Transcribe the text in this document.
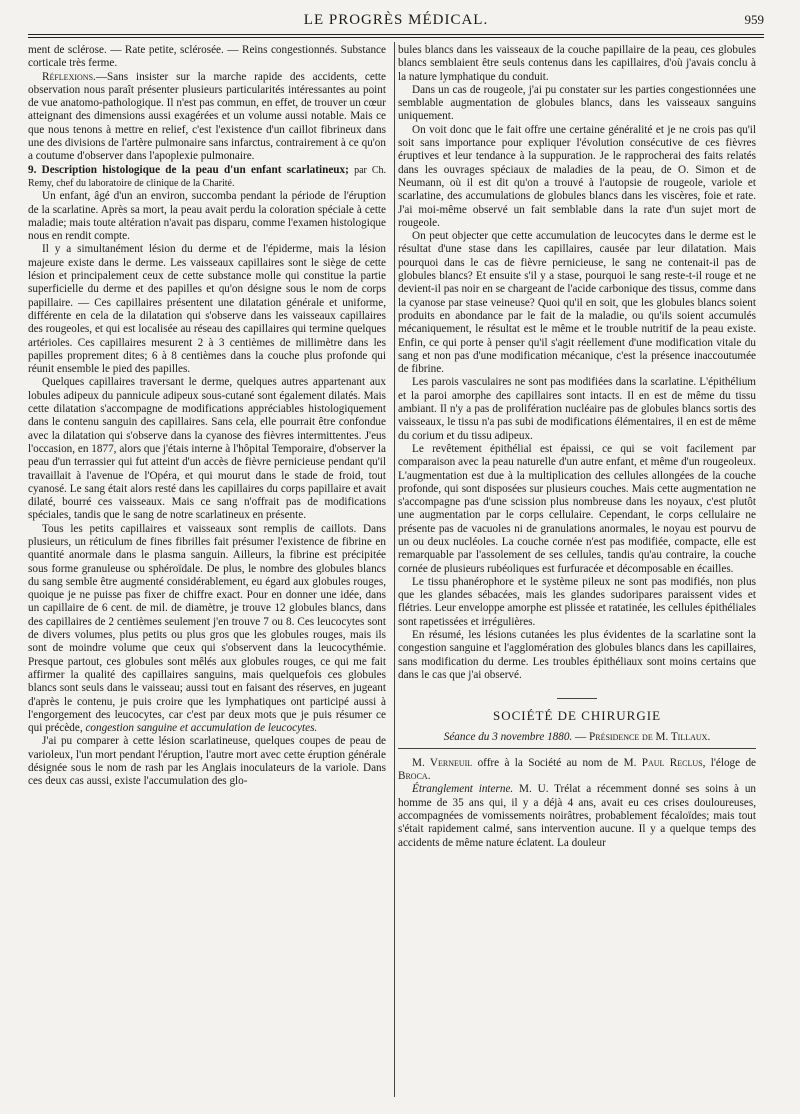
LE PROGRÈS MÉDICAL.	959

ment de sclérose. — Rate petite, sclérosée. — Reins congestionnés. Substance corticale très ferme.

Réflexions.—Sans insister sur la marche rapide des accidents, cette observation nous paraît présenter plusieurs particularités intéressantes au point de vue anatomo-pathologique. Il n'est pas commun, en effet, de trouver un cœur atteignant des dimensions aussi exagérées et un volume aussi notable. Mais ce que nous tenons à mettre en relief, c'est l'existence d'un caillot fibrineux dans une des divisions de l'artère pulmonaire sans infarctus, contrairement à ce qu'on a coutume d'observer dans l'apoplexie pulmonaire.

9. Description histologique de la peau d'un enfant scarlatineux; par Ch. Remy, chef du laboratoire de clinique de la Charité.

Un enfant, âgé d'un an environ, succomba pendant la période de l'éruption de la scarlatine. Après sa mort, la peau avait perdu la coloration spéciale à cette maladie; mais toute altération n'avait pas disparu, comme l'examen histologique nous en rendit compte.

Il y a simultanément lésion du derme et de l'épiderme, mais la lésion majeure existe dans le derme. Les vaisseaux capillaires sont le siège de cette lésion et principalement ceux de cette substance molle qui constitue la partie superficielle du derme et des papilles et qu'on désigne sous le nom de corps papillaire. — Ces capillaires présentent une dilatation générale et uniforme, différente en cela de la dilatation qui s'observe dans les vaisseaux capillaires des rougeoles, et qui est localisée au réseau des capillaires qui termine quelques artérioles. Ces capillaires mesurent 2 à 3 centièmes de millimètre dans les papilles proprement dites; 6 à 8 centièmes dans la couche plus profonde qui réunit ensemble le pied des papilles.

Quelques capillaires traversant le derme, quelques autres appartenant aux lobules adipeux du pannicule adipeux sous-cutané sont également dilatés. Mais cette dilatation s'accompagne de modifications appréciables histologiquement dans le contenu sanguin des capillaires. Sans cela, elle pourrait être confondue avec la dilatation qui s'observe dans la cyanose des fièvres intermittentes. J'eus l'occasion, en 1877, alors que j'étais interne à l'hôpital Temporaire, d'observer la peau d'un terrassier qui fut atteint d'un accès de fièvre pernicieuse pendant qu'il travaillait à l'avenue de l'Opéra, et qui mourut dans le stade de froid, tout cyanosé. Le sang était alors resté dans les capillaires du corps papillaire et avait dilaté, bourré ces vaisseaux. Mais ce sang n'offrait pas de modifications spéciales, tandis que le sang de notre scarlatineux en présente.

Tous les petits capillaires et vaisseaux sont remplis de caillots. Dans plusieurs, un réticulum de fines fibrilles fait présumer l'existence de fibrine en quantité anormale dans le plasma sanguin. Ailleurs, la fibrine est précipitée sous forme granuleuse ou sphéroïdale. De plus, le nombre des globules blancs du sang semble être augmenté considérablement, eu égard aux globules rouges, quoique je ne puisse pas fixer de chiffre exact. Pour en donner une idée, dans un capillaire de 6 cent. de mil. de diamètre, je trouve 12 globules blancs, dans des capillaires de 2 centièmes seulement j'en trouve 7 ou 8. Ces leucocytes sont de divers volumes, plus petits ou plus gros que les globules rouges, mais ils sont de moindre volume que ceux qui s'observent dans la leucocythémie. Presque partout, ces globules sont mêlés aux globules rouges, ce qui me fait affirmer la qualité des capillaires sanguins, mais quelquefois ces globules blancs sont seuls dans le vaisseau; aussi tout en faisant des réserves, en jugeant d'après le contenu, je puis croire que les lymphatiques ont participé aussi à l'engorgement des leucocytes, car c'est par deux mots que je puis résumer ce qui précède, congestion sanguine et accumulation de leucocytes.

J'ai pu comparer à cette lésion scarlatineuse, quelques coupes de peau de varioleux, l'un mort pendant l'éruption, l'autre mort avec cette éruption générale désignée sous le nom de rash par les Anglais inoculateurs de la variole. Dans ces deux cas aussi, existe l'accumulation des glo-

bules blancs dans les vaisseaux de la couche papillaire de la peau, ces globules blancs semblaient être seuls contenus dans les capillaires, d'où j'avais conclu à la nature lymphatique du conduit.

Dans un cas de rougeole, j'ai pu constater sur les parties congestionnées une semblable augmentation de globules blancs, dans les vaisseaux sanguins uniquement.

On voit donc que le fait offre une certaine généralité et je ne crois pas qu'il soit sans importance pour expliquer l'évolution consécutive de ces fièvres éruptives et leur tendance à la suppuration. Je le rapprocherai des faits relatés dans les ouvrages spéciaux de maladies de la peau, de O. Simon et de Neumann, où il est dit qu'on a trouvé à l'autopsie de rougeole, variole et scarlatine, des accumulations de globules blancs dans les viscères, foie et rate. J'ai moi-même observé un fait semblable dans la rate d'un sujet mort de rougeole.

On peut objecter que cette accumulation de leucocytes dans le derme est le résultat d'une stase dans les capillaires, causée par leur dilatation. Mais pourquoi dans le cas de fièvre pernicieuse, le sang ne contenait-il pas de globules blancs? Et ensuite s'il y a stase, pourquoi le sang reste-t-il rouge et ne devient-il pas noir en se chargeant de l'acide carbonique des tissus, comme dans la cyanose par stase veineuse? Quoi qu'il en soit, que les globules blancs soient produits en abondance par le fait de la maladie, ou qu'ils soient accumulés mécaniquement, le résultat est le même et le trouble nutritif de la peau existe. Enfin, ce qui porte à penser qu'il s'agit réellement d'une modification vitale du sang et non pas d'une modification mécanique, c'est la présence inaccoutumée de fibrine.

Les parois vasculaires ne sont pas modifiées dans la scarlatine. L'épithélium et la paroi amorphe des capillaires sont intacts. Il en est de même du tissu ambiant. Il n'y a pas de prolifération nucléaire pas de globules blancs sortis des vaisseaux, le tissu n'a pas subi de modifications élémentaires, il en est de même du corium et du tissu adipeux.

Le revêtement épithélial est épaissi, ce qui se voit facilement par comparaison avec la peau naturelle d'un autre enfant, et même d'un rougeoleux. L'augmentation est due à la multiplication des cellules allongées de la couche profonde, qui sont disposées sur plusieurs couches. Mais cette augmentation ne s'accompagne pas d'une scission plus nombreuse dans les noyaux, c'est plutôt une augmentation par le corps cellulaire. Cependant, le corps cellulaire ne présente pas de vacuoles ni de granulations anormales, le noyau est pourvu de un ou deux nucléoles. La couche cornée n'est pas modifiée, compacte, elle est remarquable par l'assolement de ses cellules, tandis qu'au contraire, la couche cornée de plusieurs rubéoliques est furfuracée et décomposable en écailles.

Le tissu phanérophore et le système pileux ne sont pas modifiés, non plus que les glandes sébacées, mais les glandes sudoripares paraissent vides et flétries. Leur enveloppe amorphe est plissée et ratatinée, les cellules épithéliales sont rapetissées et irrégulières.

En résumé, les lésions cutanées les plus évidentes de la scarlatine sont la congestion sanguine et l'agglomération des globules blancs dans les capillaires, sans modification du derme. Les troubles épithéliaux sont moins certains que dans le cas que j'ai observé.

SOCIÉTÉ DE CHIRURGIE
Séance du 3 novembre 1880. — Présidence de M. Tillaux.

M. Verneuil offre à la Société au nom de M. Paul Reclus, l'éloge de Broca.

Étranglement interne. M. U. Trélat a récemment donné ses soins à un homme de 35 ans qui, il y a déjà 4 ans, avait eu ces crises douloureuses, accompagnées de vomissements noirâtres, probablement fécaloïdes; mais tout s'était rapidement calmé, sans intervention aucune. Il y a quelque temps des accidents de même nature éclatent. La douleur
